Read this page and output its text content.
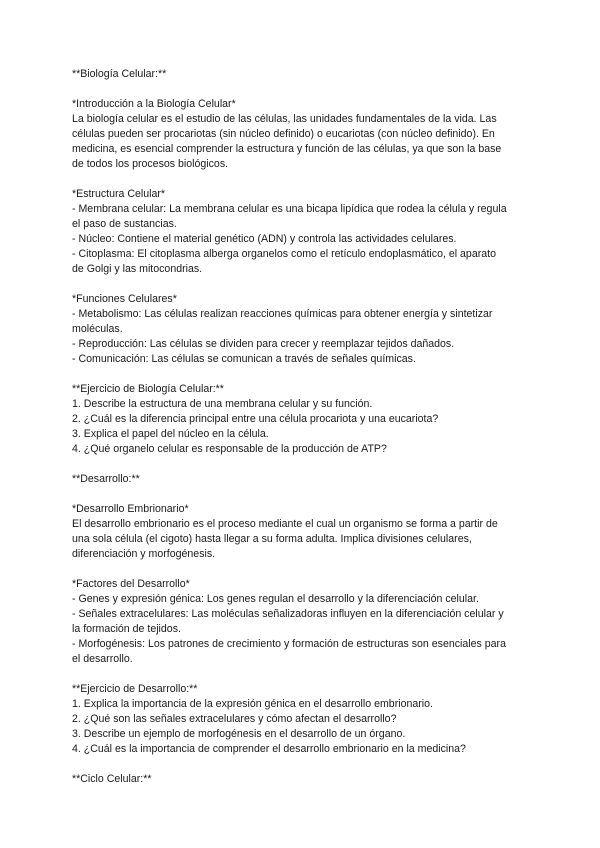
**Biología Celular:**
*Introducción a la Biología Celular*
La biología celular es el estudio de las células, las unidades fundamentales de la vida. Las
células pueden ser procariotas (sin núcleo definido) o eucariotas (con núcleo definido). En
medicina, es esencial comprender la estructura y función de las células, ya que son la base
de todos los procesos biológicos.
*Estructura Celular*
- Membrana celular: La membrana celular es una bicapa lipídica que rodea la célula y regula
el paso de sustancias.
- Núcleo: Contiene el material genético (ADN) y controla las actividades celulares.
- Citoplasma: El citoplasma alberga organelos como el retículo endoplasmático, el aparato
de Golgi y las mitocondrias.
*Funciones Celulares*
- Metabolismo: Las células realizan reacciones químicas para obtener energía y sintetizar
moléculas.
- Reproducción: Las células se dividen para crecer y reemplazar tejidos dañados.
- Comunicación: Las células se comunican a través de señales químicas.
**Ejercicio de Biología Celular:**
1. Describe la estructura de una membrana celular y su función.
2. ¿Cuál es la diferencia principal entre una célula procariota y una eucariota?
3. Explica el papel del núcleo en la célula.
4. ¿Qué organelo celular es responsable de la producción de ATP?
**Desarrollo:**
*Desarrollo Embrionario*
El desarrollo embrionario es el proceso mediante el cual un organismo se forma a partir de
una sola célula (el cigoto) hasta llegar a su forma adulta. Implica divisiones celulares,
diferenciación y morfogénesis.
*Factores del Desarrollo*
- Genes y expresión génica: Los genes regulan el desarrollo y la diferenciación celular.
- Señales extracelulares: Las moléculas señalizadoras influyen en la diferenciación celular y
la formación de tejidos.
- Morfogénesis: Los patrones de crecimiento y formación de estructuras son esenciales para
el desarrollo.
**Ejercicio de Desarrollo:**
1. Explica la importancia de la expresión génica en el desarrollo embrionario.
2. ¿Qué son las señales extracelulares y cómo afectan el desarrollo?
3. Describe un ejemplo de morfogénesis en el desarrollo de un órgano.
4. ¿Cuál es la importancia de comprender el desarrollo embrionario en la medicina?
**Ciclo Celular:**
